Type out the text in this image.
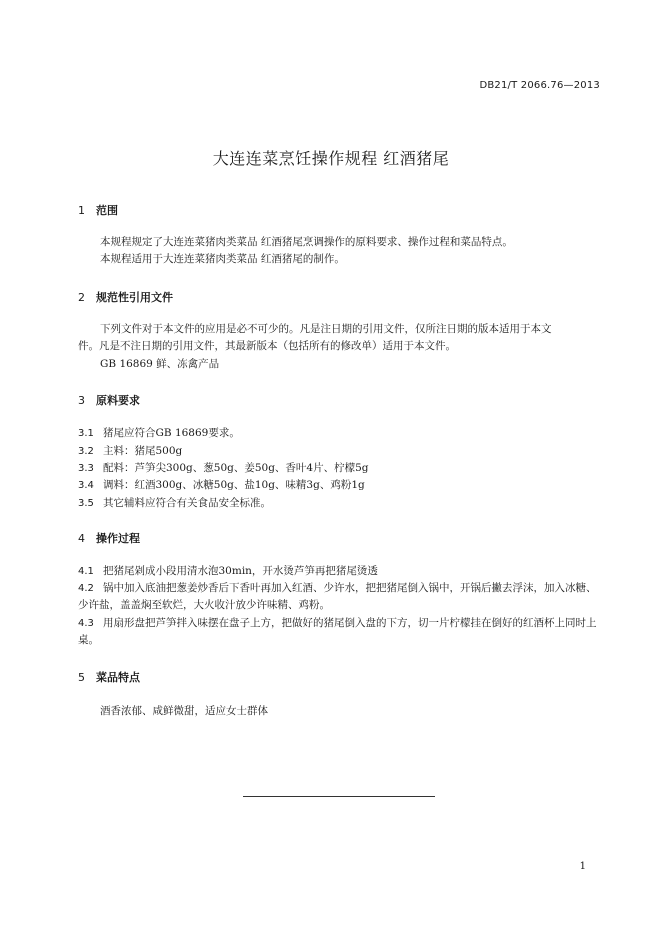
DB21/T 2066.76—2013
大连连菜烹饪操作规程 红酒猪尾
1 范围
本规程规定了大连连菜猪肉类菜品 红酒猪尾烹调操作的原料要求、操作过程和菜品特点。
本规程适用于大连连菜猪肉类菜品 红酒猪尾的制作。
2 规范性引用文件
下列文件对于本文件的应用是必不可少的。凡是注日期的引用文件，仅所注日期的版本适用于本文
件。凡是不注日期的引用文件，其最新版本（包括所有的修改单）适用于本文件。
GB 16869 鲜、冻禽产品
3 原料要求
3.1 猪尾应符合GB 16869要求。
3.2 主料：猪尾500g
3.3 配料：芦笋尖300g、葱50g、姜50g、香叶4片、柠檬5g
3.4 调料：红酒300g、冰糖50g、盐10g、味精3g、鸡粉1g
3.5 其它辅料应符合有关食品安全标准。
4 操作过程
4.1 把猪尾剁成小段用清水泡30min，开水烫芦笋再把猪尾烫透
4.2 锅中加入底油把葱姜炒香后下香叶再加入红酒、少许水，把把猪尾倒入锅中，开锅后撇去浮沫，加入冰糖、少许盐，盖盖焖至软烂，大火收汁放少许味精、鸡粉。
4.3 用扇形盘把芦笋拌入味摆在盘子上方，把做好的猪尾倒入盘的下方，切一片柠檬挂在倒好的红酒杯上同时上桌。
5 菜品特点
酒香浓郁、咸鲜微甜，适应女士群体
1
